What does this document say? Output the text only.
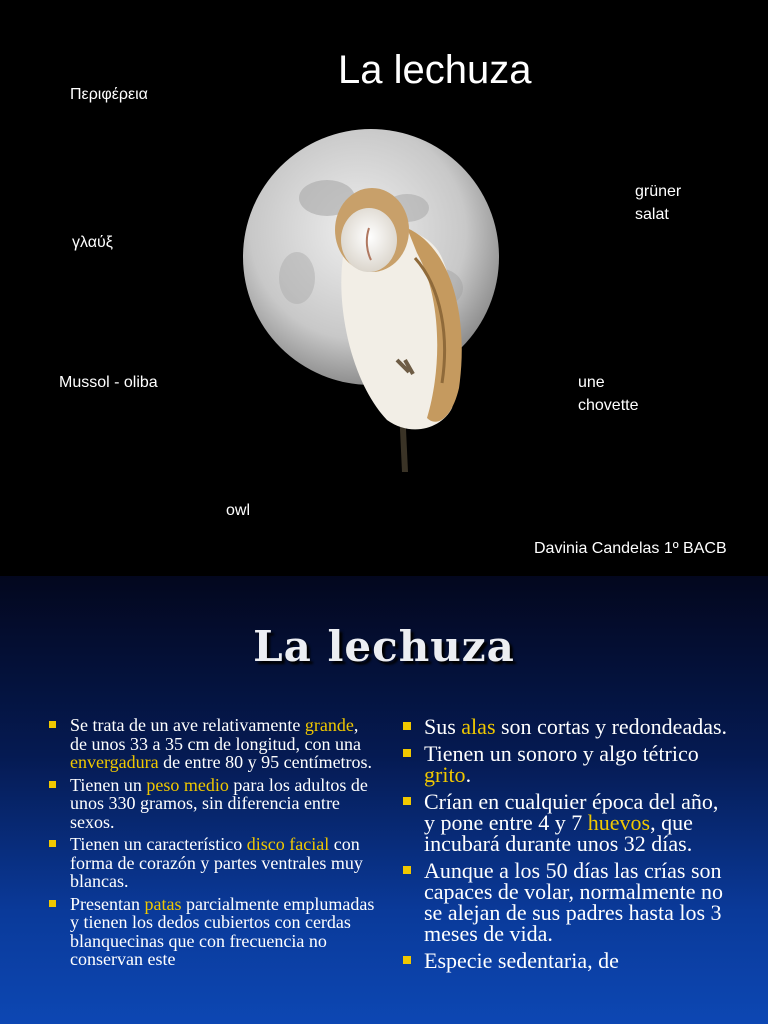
La lechuza
Περιφέρεια
γλαύξ
Mussol - oliba
owl
grüner
salat
une
chovette
Davinia Candelas 1º BACB
La lechuza
Se trata de un ave relativamente grande, de unos 33 a 35 cm de longitud, con una envergadura de entre 80 y 95 centímetros.
Tienen un peso medio para los adultos de unos 330 gramos, sin diferencia entre sexos.
Tienen un característico disco facial con forma de corazón y partes ventrales muy blancas.
Presentan patas parcialmente emplumadas y tienen los dedos cubiertos con cerdas blanquecinas que con frecuencia no conservan este
Sus alas son cortas y redondeadas.
Tienen un sonoro y algo tétrico grito.
Crían en cualquier época del año, y pone entre 4 y 7 huevos, que incubará durante unos 32 días.
Aunque a los 50 días las crías son capaces de volar, normalmente no se alejan de sus padres hasta los 3 meses de vida.
Especie sedentaria, de
